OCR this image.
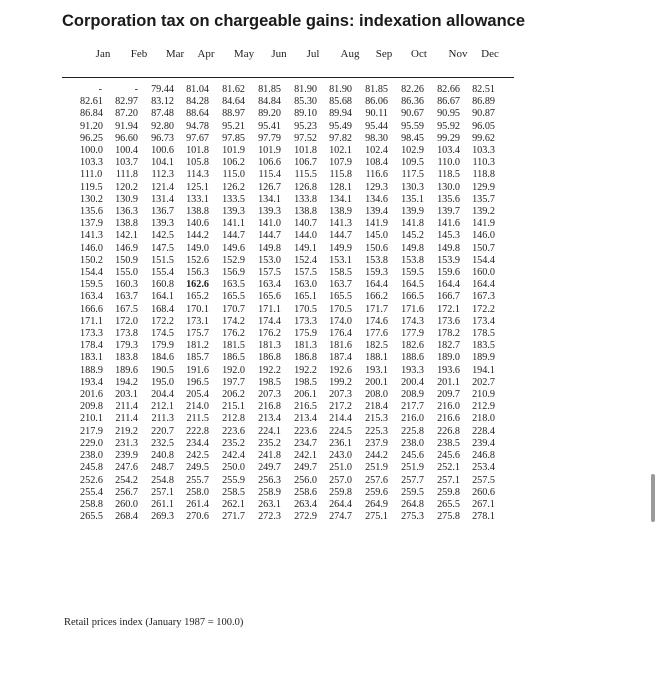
Corporation tax on chargeable gains: indexation allowance
Jan Feb Mar Apr May Jun Jul Aug Sep Oct Nov Dec
-	-	79.44	81.04	81.62	81.85	81.90	81.90	81.85	82.26	82.66	82.51	
82.61	82.97	83.12	84.28	84.64	84.84	85.30	85.68	86.06	86.36	86.67	86.89	
86.84	87.20	87.48	88.64	88.97	89.20	89.10	89.94	90.11	90.67	90.95	90.87	
91.20	91.94	92.80	94.78	95.21	95.41	95.23	95.49	95.44	95.59	95.92	96.05	
96.25	96.60	96.73	97.67	97.85	97.79	97.52	97.82	98.30	98.45	99.29	99.62	
100.0	100.4	100.6	101.8	101.9	101.9	101.8	102.1	102.4	102.9	103.4	103.3	
103.3	103.7	104.1	105.8	106.2	106.6	106.7	107.9	108.4	109.5	110.0	110.3	
111.0	111.8	112.3	114.3	115.0	115.4	115.5	115.8	116.6	117.5	118.5	118.8	
119.5	120.2	121.4	125.1	126.2	126.7	126.8	128.1	129.3	130.3	130.0	129.9	
130.2	130.9	131.4	133.1	133.5	134.1	133.8	134.1	134.6	135.1	135.6	135.7	
135.6	136.3	136.7	138.8	139.3	139.3	138.8	138.9	139.4	139.9	139.7	139.2	
137.9	138.8	139.3	140.6	141.1	141.0	140.7	141.3	141.9	141.8	141.6	141.9	
141.3	142.1	142.5	144.2	144.7	144.7	144.0	144.7	145.0	145.2	145.3	146.0	
146.0	146.9	147.5	149.0	149.6	149.8	149.1	149.9	150.6	149.8	149.8	150.7	
150.2	150.9	151.5	152.6	152.9	153.0	152.4	153.1	153.8	153.8	153.9	154.4	
154.4	155.0	155.4	156.3	156.9	157.5	157.5	158.5	159.3	159.5	159.6	160.0	
159.5	160.3	160.8	162.6	163.5	163.4	163.0	163.7	164.4	164.5	164.4	164.4	
163.4	163.7	164.1	165.2	165.5	165.6	165.1	165.5	166.2	166.5	166.7	167.3	
166.6	167.5	168.4	170.1	170.7	171.1	170.5	170.5	171.7	171.6	172.1	172.2	
171.1	172.0	172.2	173.1	174.2	174.4	173.3	174.0	174.6	174.3	173.6	173.4	
173.3	173.8	174.5	175.7	176.2	176.2	175.9	176.4	177.6	177.9	178.2	178.5	
178.4	179.3	179.9	181.2	181.5	181.3	181.3	181.6	182.5	182.6	182.7	183.5	
183.1	183.8	184.6	185.7	186.5	186.8	186.8	187.4	188.1	188.6	189.0	189.9	
188.9	189.6	190.5	191.6	192.0	192.2	192.2	192.6	193.1	193.3	193.6	194.1	
193.4	194.2	195.0	196.5	197.7	198.5	198.5	199.2	200.1	200.4	201.1	202.7	
201.6	203.1	204.4	205.4	206.2	207.3	206.1	207.3	208.0	208.9	209.7	210.9	
209.8	211.4	212.1	214.0	215.1	216.8	216.5	217.2	218.4	217.7	216.0	212.9	
210.1	211.4	211.3	211.5	212.8	213.4	213.4	214.4	215.3	216.0	216.6	218.0	
217.9	219.2	220.7	222.8	223.6	224.1	223.6	224.5	225.3	225.8	226.8	228.4	
229.0	231.3	232.5	234.4	235.2	235.2	234.7	236.1	237.9	238.0	238.5	239.4	
238.0	239.9	240.8	242.5	242.4	241.8	242.1	243.0	244.2	245.6	245.6	246.8	
245.8	247.6	248.7	249.5	250.0	249.7	249.7	251.0	251.9	251.9	252.1	253.4	
252.6	254.2	254.8	255.7	255.9	256.3	256.0	257.0	257.6	257.7	257.1	257.5	
255.4	256.7	257.1	258.0	258.5	258.9	258.6	259.8	259.6	259.5	259.8	260.6	
258.8	260.0	261.1	261.4	262.1	263.1	263.4	264.4	264.9	264.8	265.5	267.1	
265.5	268.4	269.3	270.6	271.7	272.3	272.9	274.7	275.1	275.3	275.8	278.1	
Retail prices index (January 1987 = 100.0)
